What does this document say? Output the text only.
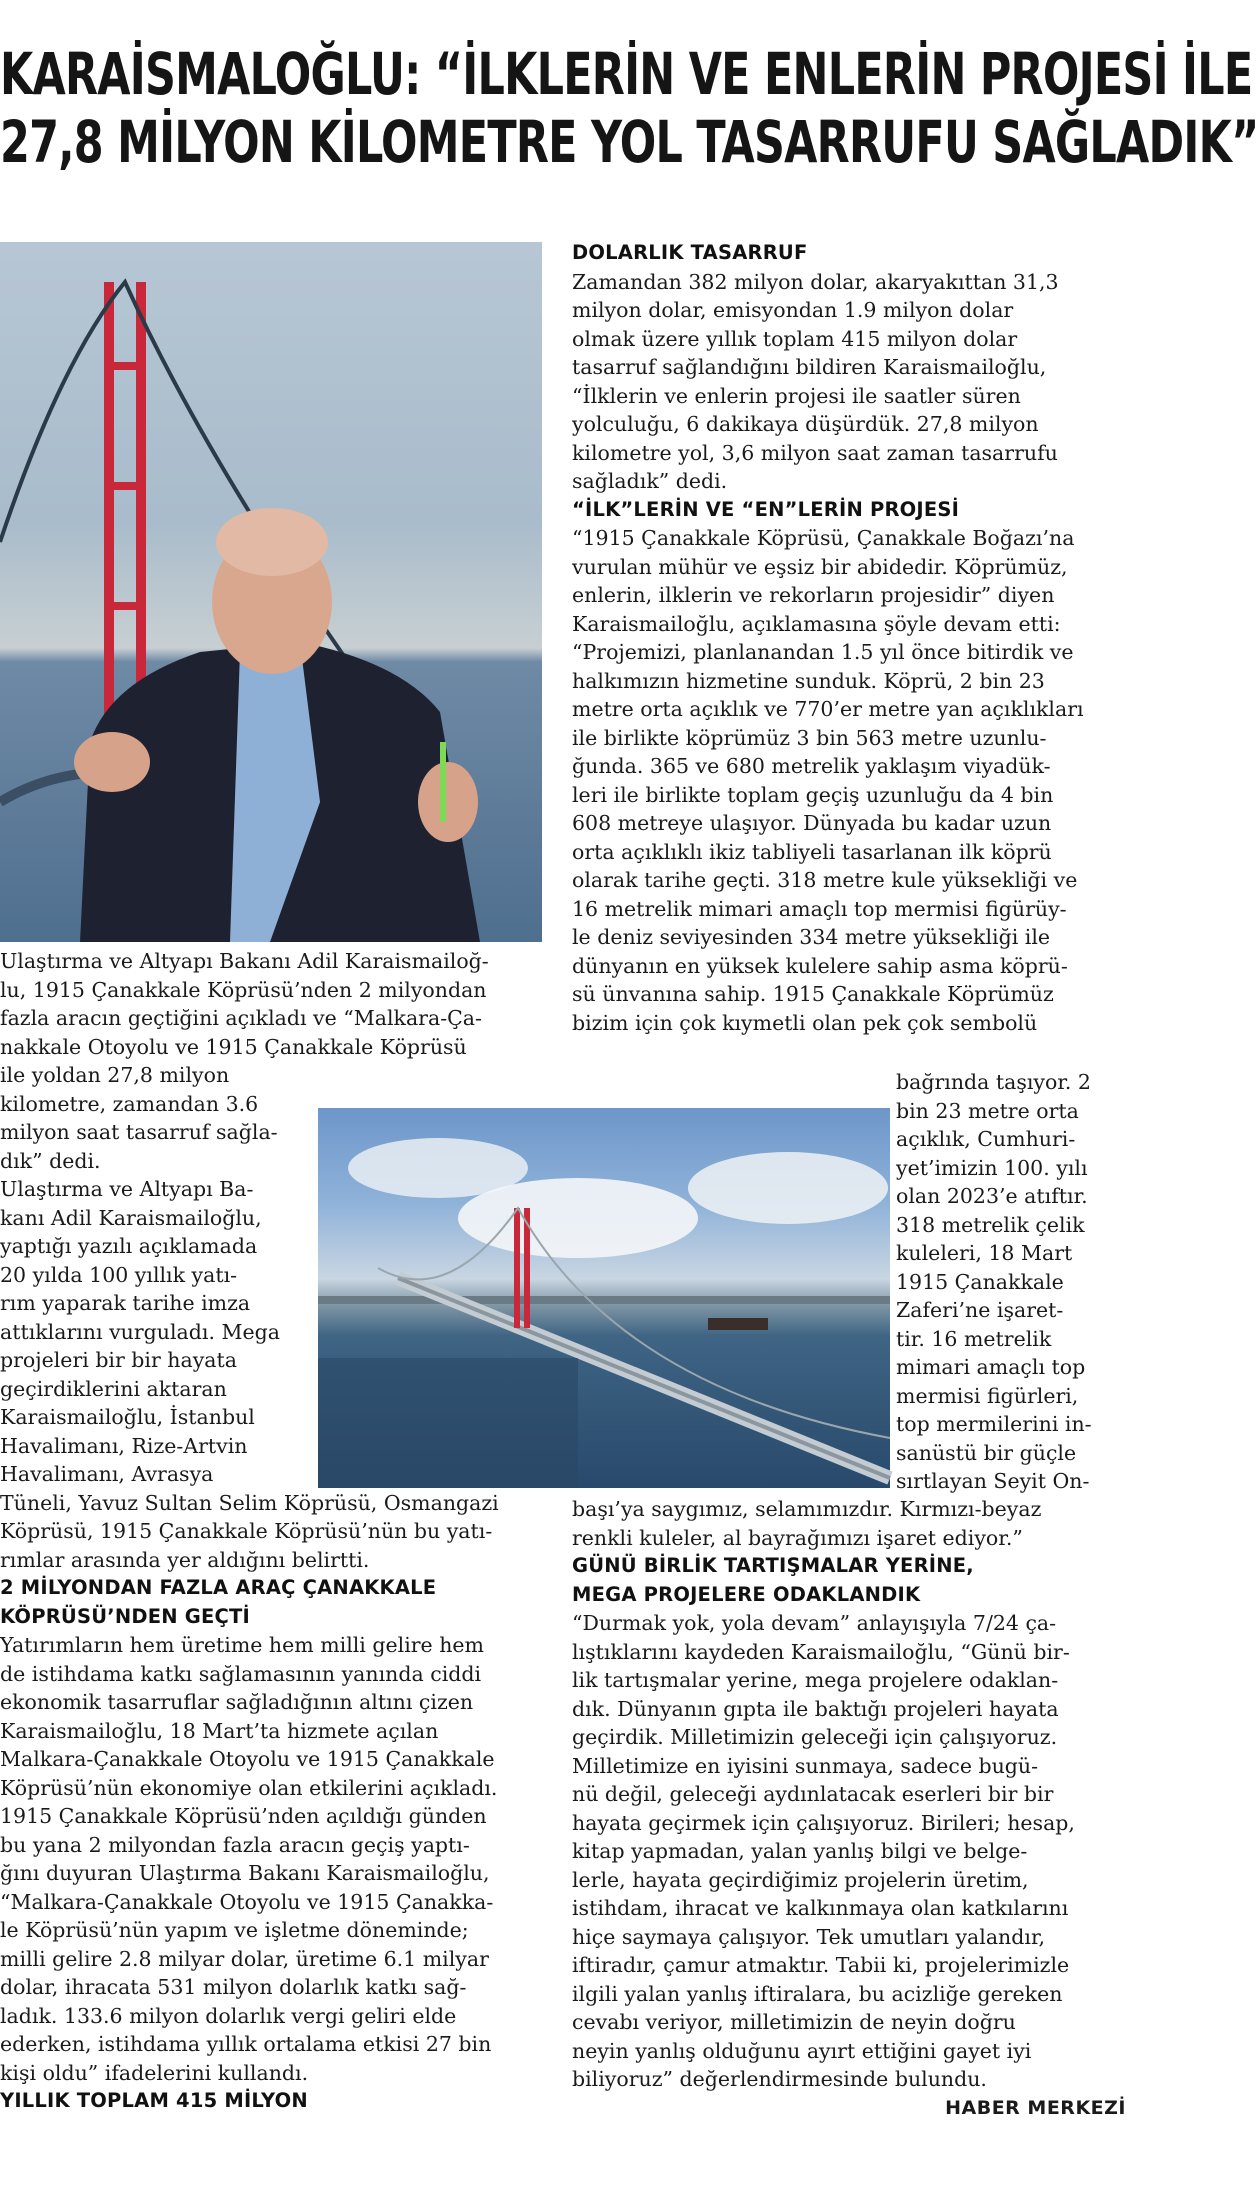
KARAİSMALOĞLU: “İLKLERİN VE ENLERİN PROJESİ İLE
27,8 MİLYON KİLOMETRE YOL TASARRUFU SAĞLADIK”

Ulaştırma ve Altyapı Bakanı Adil Karaismailoğ-

lu, 1915 Çanakkale Köprüsü’nden 2 milyondan

fazla aracın geçtiğini açıkladı ve “Malkara-Ça-

nakkale Otoyolu ve 1915 Çanakkale Köprüsü

ile yoldan 27,8 milyon

kilometre, zamandan 3.6

milyon saat tasarruf sağla-

dık” dedi.

Ulaştırma ve Altyapı Ba-

kanı Adil Karaismailoğlu,

yaptığı yazılı açıklamada

20 yılda 100 yıllık yatı-

rım yaparak tarihe imza

attıklarını vurguladı. Mega

projeleri bir bir hayata

geçirdiklerini aktaran

Karaismailoğlu, İstanbul

Havalimanı, Rize-Artvin

Havalimanı, Avrasya

Tüneli, Yavuz Sultan Selim Köprüsü, Osmangazi

Köprüsü, 1915 Çanakkale Köprüsü’nün bu yatı-

rımlar arasında yer aldığını belirtti.

2 MİLYONDAN FAZLA ARAÇ ÇANAKKALE

KÖPRÜSÜ’NDEN GEÇTİ

Yatırımların hem üretime hem milli gelire hem

de istihdama katkı sağlamasının yanında ciddi

ekonomik tasarruflar sağladığının altını çizen

Karaismailoğlu, 18 Mart’ta hizmete açılan

Malkara-Çanakkale Otoyolu ve 1915 Çanakkale

Köprüsü’nün ekonomiye olan etkilerini açıkladı.

1915 Çanakkale Köprüsü’nden açıldığı günden

bu yana 2 milyondan fazla aracın geçiş yaptı-

ğını duyuran Ulaştırma Bakanı Karaismailoğlu,

“Malkara-Çanakkale Otoyolu ve 1915 Çanakka-

le Köprüsü’nün yapım ve işletme döneminde;

milli gelire 2.8 milyar dolar, üretime 6.1 milyar

dolar, ihracata 531 milyon dolarlık katkı sağ-

ladık. 133.6 milyon dolarlık vergi geliri elde

ederken, istihdama yıllık ortalama etkisi 27 bin

kişi oldu” ifadelerini kullandı.

YILLIK TOPLAM 415 MİLYON

DOLARLIK TASARRUF

Zamandan 382 milyon dolar, akaryakıttan 31,3

milyon dolar, emisyondan 1.9 milyon dolar

olmak üzere yıllık toplam 415 milyon dolar

tasarruf sağlandığını bildiren Karaismailoğlu,

“İlklerin ve enlerin projesi ile saatler süren

yolculuğu, 6 dakikaya düşürdük. 27,8 milyon

kilometre yol, 3,6 milyon saat zaman tasarrufu

sağladık” dedi.

“İLK”LERİN VE “EN”LERİN PROJESİ

“1915 Çanakkale Köprüsü, Çanakkale Boğazı’na

vurulan mühür ve eşsiz bir abidedir. Köprümüz,

enlerin, ilklerin ve rekorların projesidir” diyen

Karaismailoğlu, açıklamasına şöyle devam etti:

“Projemizi, planlanandan 1.5 yıl önce bitirdik ve

halkımızın hizmetine sunduk. Köprü, 2 bin 23

metre orta açıklık ve 770’er metre yan açıklıkları

ile birlikte köprümüz 3 bin 563 metre uzunlu-

ğunda. 365 ve 680 metrelik yaklaşım viyadük-

leri ile birlikte toplam geçiş uzunluğu da 4 bin

608 metreye ulaşıyor. Dünyada bu kadar uzun

orta açıklıklı ikiz tabliyeli tasarlanan ilk köprü

olarak tarihe geçti. 318 metre kule yüksekliği ve

16 metrelik mimari amaçlı top mermisi figürüy-

le deniz seviyesinden 334 metre yüksekliği ile

dünyanın en yüksek kulelere sahip asma köprü-

sü ünvanına sahip. 1915 Çanakkale Köprümüz

bizim için çok kıymetli olan pek çok sembolü

bağrında taşıyor. 2

bin 23 metre orta

açıklık, Cumhuri-

yet’imizin 100. yılı

olan 2023’e atıftır.

318 metrelik çelik

kuleleri, 18 Mart

1915 Çanakkale

Zaferi’ne işaret-

tir. 16 metrelik

mimari amaçlı top

mermisi figürleri,

top mermilerini in-

sanüstü bir güçle

sırtlayan Seyit On-

başı’ya saygımız, selamımızdır. Kırmızı-beyaz

renkli kuleler, al bayrağımızı işaret ediyor.”

GÜNÜ BİRLİK TARTIŞMALAR YERİNE,

MEGA PROJELERE ODAKLANDIK

“Durmak yok, yola devam” anlayışıyla 7/24 ça-

lıştıklarını kaydeden Karaismailoğlu, “Günü bir-

lik tartışmalar yerine, mega projelere odaklan-

dık. Dünyanın gıpta ile baktığı projeleri hayata

geçirdik. Milletimizin geleceği için çalışıyoruz.

Milletimize en iyisini sunmaya, sadece bugü-

nü değil, geleceği aydınlatacak eserleri bir bir

hayata geçirmek için çalışıyoruz. Birileri; hesap,

kitap yapmadan, yalan yanlış bilgi ve belge-

lerle, hayata geçirdiğimiz projelerin üretim,

istihdam, ihracat ve kalkınmaya olan katkılarını

hiçe saymaya çalışıyor. Tek umutları yalandır,

iftiradır, çamur atmaktır. Tabii ki, projelerimizle

ilgili yalan yanlış iftiralara, bu acizliğe gereken

cevabı veriyor, milletimizin de neyin doğru

neyin yanlış olduğunu ayırt ettiğini gayet iyi

biliyoruz” değerlendirmesinde bulundu.

HABER MERKEZİ
